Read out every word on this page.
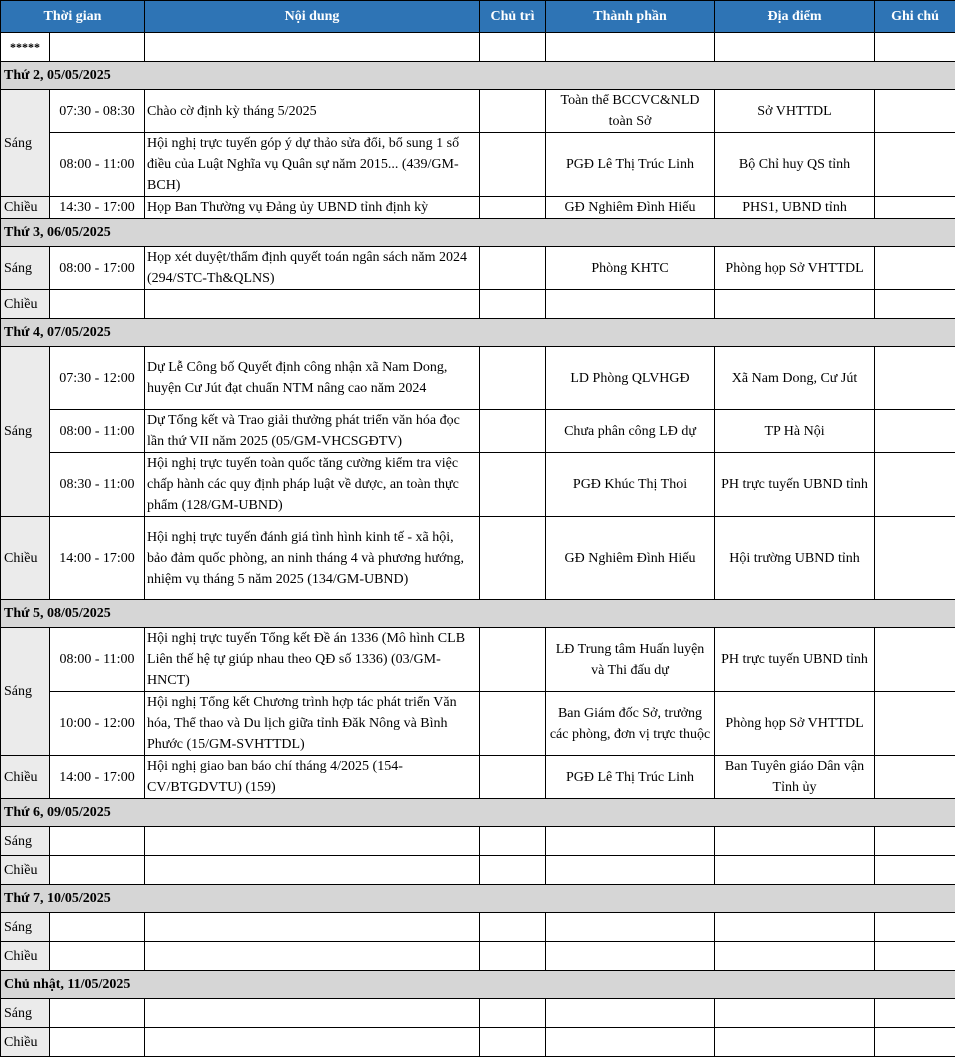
Thời gian		Nội dung	Chủ trì	Thành phần	Địa điểm	Ghi chú
*****						
Thứ 2, 05/05/2025						
Sáng	07:30 - 08:30	Chào cờ định kỳ tháng 5/2025		Toàn thể BCCVC&NLD toàn Sở	Sở VHTTDL	
	08:00 - 11:00	Hội nghị trực tuyến góp ý dự thảo sửa đổi, bổ sung 1 số điều của Luật Nghĩa vụ Quân sự năm 2015... (439/GM-BCH)		PGĐ Lê Thị Trúc Linh	Bộ Chỉ huy QS tỉnh	
Chiều	14:30 - 17:00	Họp Ban Thường vụ Đảng ủy UBND tỉnh định kỳ		GĐ Nghiêm Đình Hiếu	PHS1, UBND tỉnh	
Thứ 3, 06/05/2025						
Sáng	08:00 - 17:00	Họp xét duyệt/thẩm định quyết toán ngân sách năm 2024 (294/STC-Th&QLNS)		Phòng KHTC	Phòng họp Sở VHTTDL	
Chiều						
Thứ 4, 07/05/2025						
Sáng	07:30 - 12:00	Dự Lễ Công bố Quyết định công nhận xã Nam Dong, huyện Cư Jút đạt chuẩn NTM nâng cao năm 2024		LD Phòng QLVHGĐ	Xã Nam Dong, Cư Jút	
	08:00 - 11:00	Dự Tổng kết và Trao giải thưởng phát triển văn hóa đọc lần thứ VII năm 2025 (05/GM-VHCSGĐTV)		Chưa phân công LĐ dự	TP Hà Nội	
	08:30 - 11:00	Hội nghị trực tuyến toàn quốc tăng cường kiểm tra việc chấp hành các quy định pháp luật về dược, an toàn thực phẩm (128/GM-UBND)		PGĐ Khúc Thị Thoi	PH trực tuyến UBND tỉnh	
Chiều	14:00 - 17:00	Hội nghị trực tuyến đánh giá tình hình kinh tế - xã hội, bảo đảm quốc phòng, an ninh tháng 4 và phương hướng, nhiệm vụ tháng 5 năm 2025 (134/GM-UBND)		GĐ Nghiêm Đình Hiếu	Hội trường UBND tỉnh	
Thứ 5, 08/05/2025						
Sáng	08:00 - 11:00	Hội nghị trực tuyến Tổng kết Đề án 1336 (Mô hình CLB Liên thế hệ tự giúp nhau theo QĐ số 1336) (03/GM-HNCT)		LĐ Trung tâm Huấn luyện và Thi đấu dự	PH trực tuyến UBND tỉnh	
	10:00 - 12:00	Hội nghị Tổng kết Chương trình hợp tác phát triển Văn hóa, Thể thao và Du lịch giữa tỉnh Đăk Nông và Bình Phước (15/GM-SVHTTDL)		Ban Giám đốc Sở, trưởng các phòng, đơn vị trực thuộc	Phòng họp Sở VHTTDL	
Chiều	14:00 - 17:00	Hội nghị giao ban báo chí tháng 4/2025 (154-CV/BTGDVTU) (159)		PGĐ Lê Thị Trúc Linh	Ban Tuyên giáo Dân vận Tỉnh ủy	
Thứ 6, 09/05/2025						
Sáng						
Chiều						
Thứ 7, 10/05/2025						
Sáng						
Chiều						
Chủ nhật, 11/05/2025						
Sáng						
Chiều						
